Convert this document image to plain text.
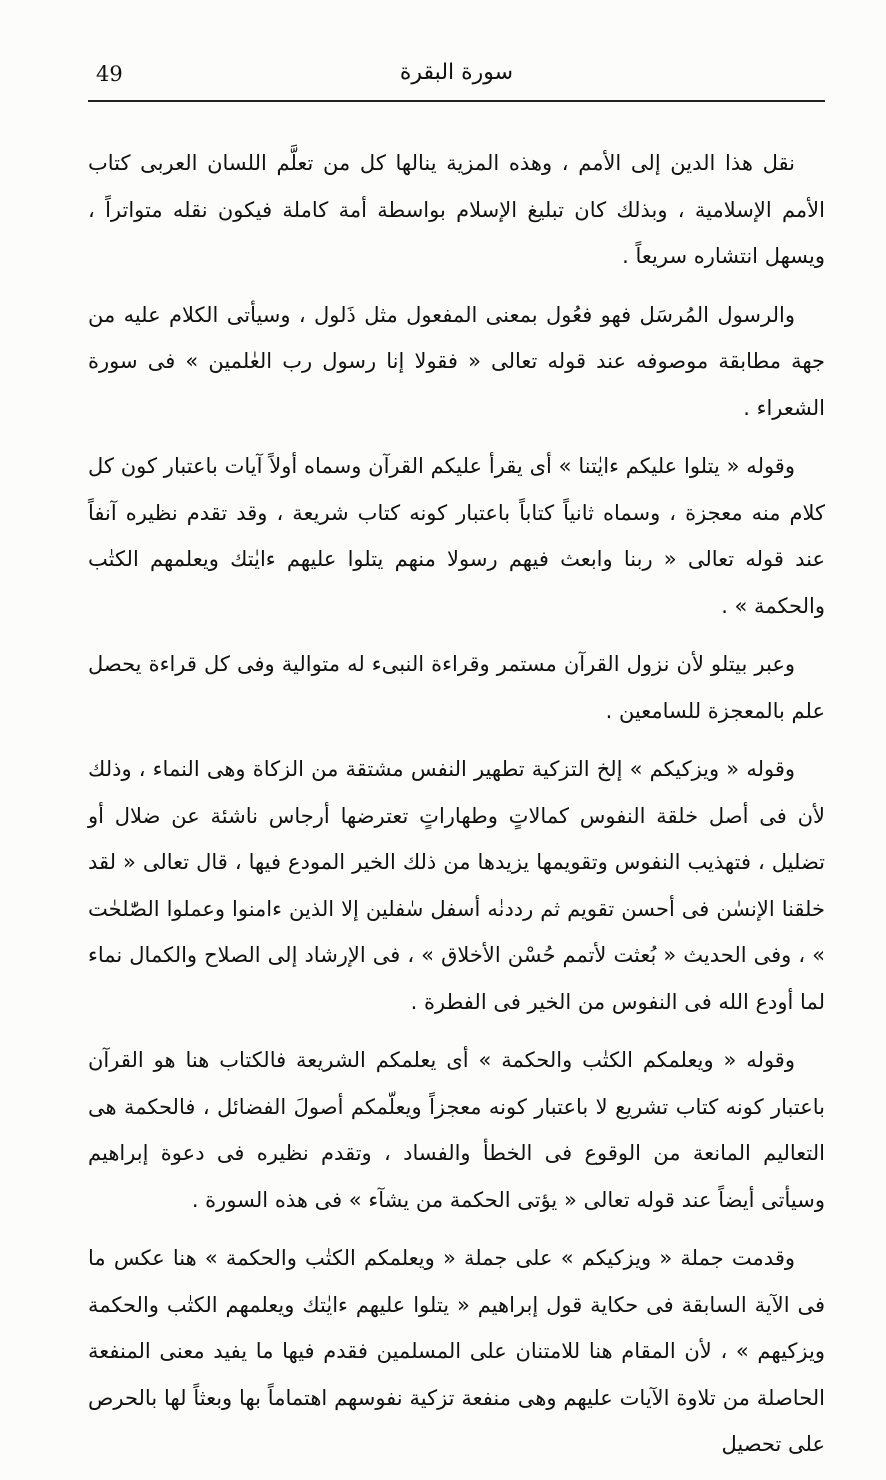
49	سورة البقرة

نقل هذا الدين إلى الأمم ، وهذه المزية ينالها كل من تعلَّم اللسان العربى كتاب الأمم الإسلامية ، وبذلك كان تبليغ الإسلام بواسطة أمة كاملة فيكون نقله متواتراً ، ويسهل انتشاره سريعاً .

والرسول المُرسَل فهو فعُول بمعنى المفعول مثل ذَلول ، وسيأتى الكلام عليه من جهة مطابقة موصوفه عند قوله تعالى « فقولا إنا رسول رب العٰلمين » فى سورة الشعراء .

وقوله « يتلوا عليكم ءايٰتنا » أى يقرأ عليكم القرآن وسماه أولاً آيات باعتبار كون كل كلام منه معجزة ، وسماه ثانياً كتاباً باعتبار كونه كتاب شريعة ، وقد تقدم نظيره آنفاً عند قوله تعالى « ربنا وابعث فيهم رسولا منهم يتلوا عليهم ءايٰتك ويعلمهم الكتٰب والحكمة » .

وعبر بيتلو لأن نزول القرآن مستمر وقراءة النبىء له متوالية وفى كل قراءة يحصل علم بالمعجزة للسامعين .

وقوله « ويزكيكم » إلخ التزكية تطهير النفس مشتقة من الزكاة وهى النماء ، وذلك لأن فى أصل خلقة النفوس كمالاتٍ وطهاراتٍ تعترضها أرجاس ناشئة عن ضلال أو تضليل ، فتهذيب النفوس وتقويمها يزيدها من ذلك الخير المودع فيها ، قال تعالى « لقد خلقنا الإنسٰن فى أحسن تقويم ثم رددنٰه أسفل سٰفلين إلا الذين ءامنوا وعملوا الصّٰلحٰت » ، وفى الحديث « بُعثت لأتمم حُسْن الأخلاق » ، فى الإرشاد إلى الصلاح والكمال نماء لما أودع الله فى النفوس من الخير فى الفطرة .

وقوله « ويعلمكم الكتٰب والحكمة » أى يعلمكم الشريعة فالكتاب هنا هو القرآن باعتبار كونه كتاب تشريع لا باعتبار كونه معجزاً ويعلّمكم أصولَ الفضائل ، فالحكمة هى التعاليم المانعة من الوقوع فى الخطأ والفساد ، وتقدم نظيره فى دعوة إبراهيم وسيأتى أيضاً عند قوله تعالى « يؤتى الحكمة من يشآء » فى هذه السورة .

وقدمت جملة « ويزكيكم » على جملة « ويعلمكم الكتٰب والحكمة » هنا عكس ما فى الآية السابقة فى حكاية قول إبراهيم « يتلوا عليهم ءايٰتك ويعلمهم الكتٰب والحكمة ويزكيهم » ، لأن المقام هنا للامتنان على المسلمين فقدم فيها ما يفيد معنى المنفعة الحاصلة من تلاوة الآيات عليهم وهى منفعة تزكية نفوسهم اهتماماً بها وبعثاً لها بالحرص على تحصيل
